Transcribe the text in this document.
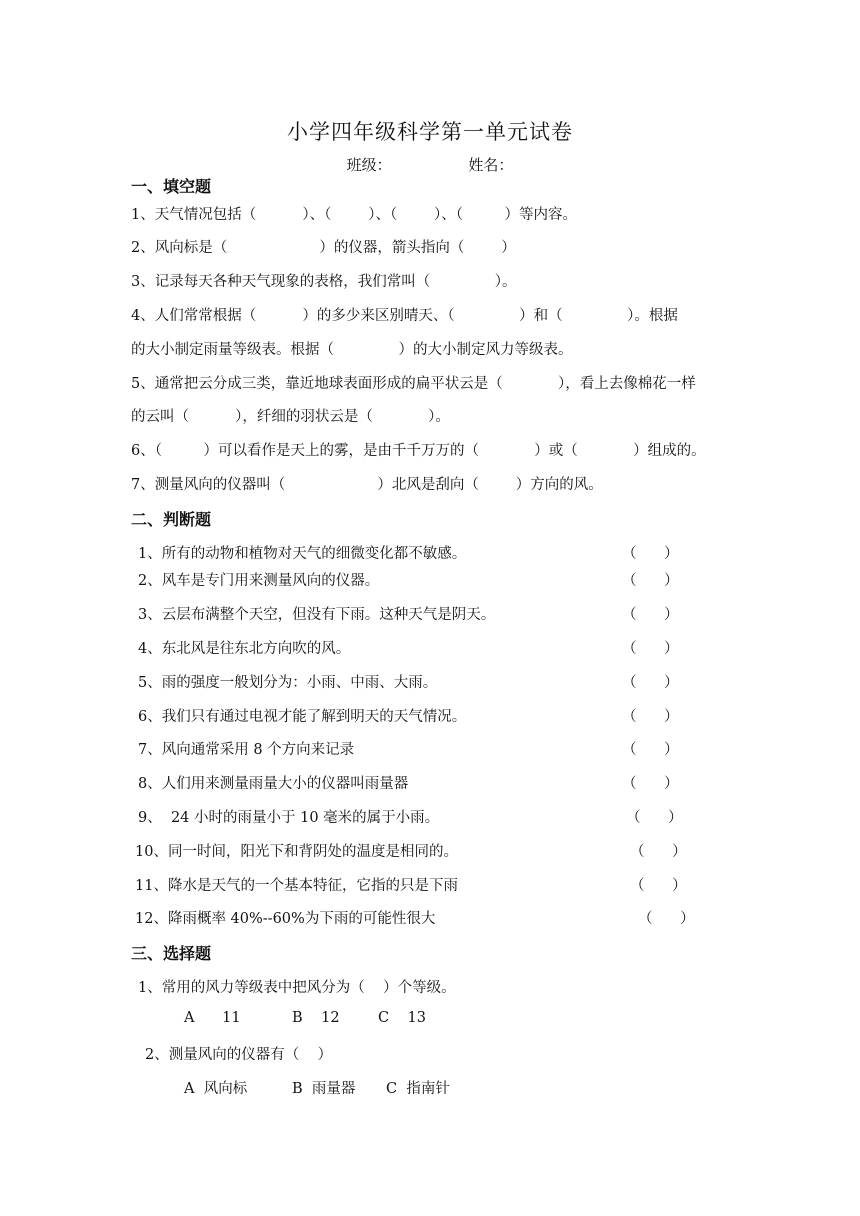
小学四年级科学第一单元试卷
班级：	姓名：
一、填空题
1、天气情况包括（          ）、（        ）、（        ）、（         ）等内容。
2、风向标是（                    ）的仪器，箭头指向（        ）
3、记录每天各种天气现象的表格，我们常叫（              ）。
4、人们常常根据（          ）的多少来区别晴天、（              ）和（              ）。根据
的大小制定雨量等级表。根据（              ）的大小制定风力等级表。
5、通常把云分成三类，靠近地球表面形成的扁平状云是（            ），看上去像棉花一样
的云叫（          ），纤细的羽状云是（            ）。
6、（         ）可以看作是天上的雾，是由千千万万的（            ）或（            ）组成的。
7、测量风向的仪器叫（                    ）北风是刮向（        ）方向的风。
二、判断题
1、所有的动物和植物对天气的细微变化都不敏感。	（      ）
2、风车是专门用来测量风向的仪器。	（      ）
3、云层布满整个天空，但没有下雨。这种天气是阴天。	（      ）
4、东北风是往东北方向吹的风。	（      ）
5、雨的强度一般划分为：小雨、中雨、大雨。	（      ）
6、我们只有通过电视才能了解到明天的天气情况。	（      ）
7、风向通常采用 8 个方向来记录	（      ）
8、人们用来测量雨量大小的仪器叫雨量器	（      ）
9、  24 小时的雨量小于 10 毫米的属于小雨。	（      ）
10、同一时间，阳光下和背阴处的温度是相同的。	（      ）
11、降水是天气的一个基本特征，它指的只是下雨	（      ）
12、降雨概率 40%--60%为下雨的可能性很大	（      ）
三、选择题
1、常用的风力等级表中把风分为（    ）个等级。
A      11	B    12	C    13
2、测量风向的仪器有（    ）
A  风向标	B  雨量器 C  指南针
